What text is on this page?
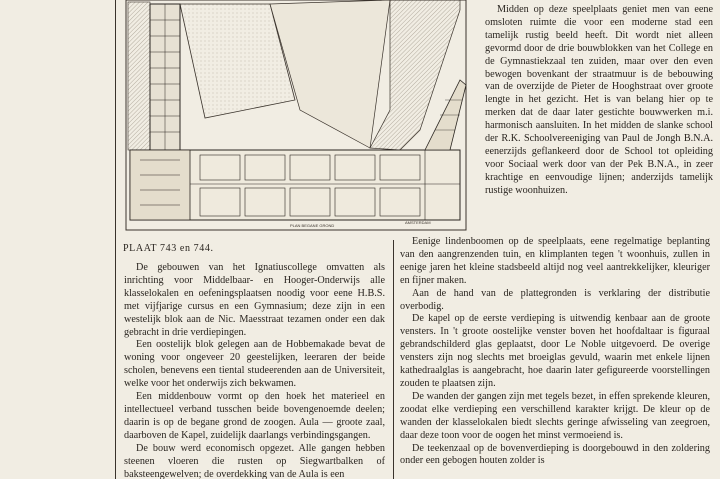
PLAN BEGANE GROND
AMSTERDAM
PLAAT 743 en 744.

Midden op deze speelplaats geniet men van eene omsloten ruimte die voor een moderne stad een tamelijk rustig beeld heeft. Dit wordt niet alleen gevormd door de drie bouwblokken van het College en de Gymnastiekzaal ten zuiden, maar over den even bewogen bovenkant der straatmuur is de bebouwing van de overzijde de Pieter de Hooghstraat over groote lengte in het gezicht. Het is van belang hier op te merken dat de daar later gestichte bouwwerken m.i. harmonisch aansluiten. In het midden de slanke school der R.K. Schoolvereeniging van Paul de Jongh B.N.A. eenerzijds geflankeerd door de School tot opleiding voor Sociaal werk door van der Pek B.N.A., in zeer krachtige en eenvoudige lijnen; anderzijds tamelijk rustige woonhuizen.

De gebouwen van het Ignatiuscollege omvatten als inrichting voor Middelbaar- en Hooger-Onderwijs alle klasselokalen en oefeningsplaatsen noodig voor eene H.B.S. met vijfjarige cursus en een Gymnasium; deze zijn in een westelijk blok aan de Nic. Maesstraat tezamen onder een dak gebracht in drie verdiepingen.

Een oostelijk blok gelegen aan de Hobbemakade bevat de woning voor ongeveer 20 geestelijken, leeraren der beide scholen, benevens een tiental studeerenden aan de Universiteit, welke voor het onderwijs zich bekwamen.

Een middenbouw vormt op den hoek het materieel en intellectueel verband tusschen beide bovengenoemde deelen; daarin is op de begane grond de zoogen. Aula — groote zaal, daarboven de Kapel, zuidelijk daarlangs verbindingsgangen.

De bouw werd economisch opgezet. Alle gangen hebben steenen vloeren die rusten op Siegwartbalken of baksteengewelven; de overdekking van de Aula is een

Eenige lindenboomen op de speelplaats, eene regelmatige beplanting van den aangrenzenden tuin, en klimplanten tegen 't woonhuis, zullen in eenige jaren het kleine stadsbeeld altijd nog veel aantrekkelijker, kleuriger en fijner maken.

Aan de hand van de plattegronden is verklaring der distributie overbodig.

De kapel op de eerste verdieping is uitwendig kenbaar aan de groote vensters. In 't groote oostelijke venster boven het hoofdaltaar is figuraal gebrandschilderd glas geplaatst, door Le Noble uitgevoerd. De overige vensters zijn nog slechts met broeiglas gevuld, waarin met enkele lijnen kathedraalglas is aangebracht, hoe daarin later gefigureerde voorstellingen zouden te plaatsen zijn.

De wanden der gangen zijn met tegels bezet, in effen sprekende kleuren, zoodat elke verdieping een verschillend karakter krijgt. De kleur op de wanden der klasselokalen biedt slechts geringe afwisseling van zeegroen, daar deze toon voor de oogen het minst vermoeiend is.

De teekenzaal op de bovenverdieping is doorgebouwd in den zoldering onder een gebogen houten zolder is
